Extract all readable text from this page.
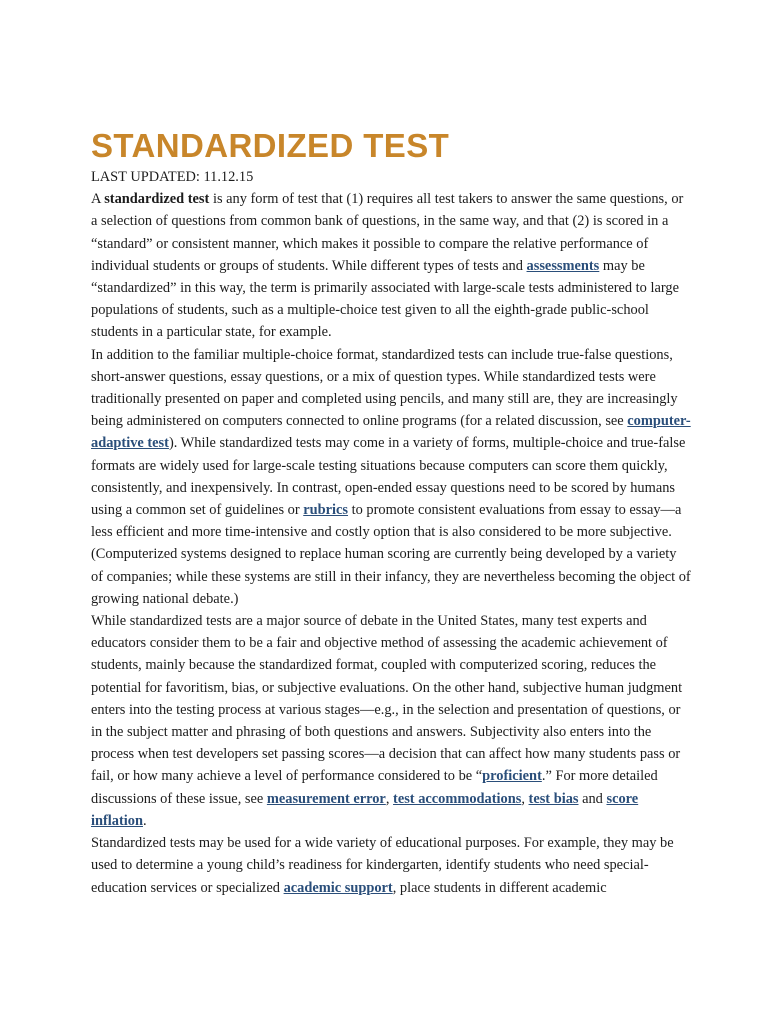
STANDARDIZED TEST

LAST UPDATED: 11.12.15

A standardized test is any form of test that (1) requires all test takers to answer the same questions, or a selection of questions from common bank of questions, in the same way, and that (2) is scored in a “standard” or consistent manner, which makes it possible to compare the relative performance of individual students or groups of students. While different types of tests and assessments may be “standardized” in this way, the term is primarily associated with large-scale tests administered to large populations of students, such as a multiple-choice test given to all the eighth-grade public-school students in a particular state, for example.

In addition to the familiar multiple-choice format, standardized tests can include true-false questions, short-answer questions, essay questions, or a mix of question types. While standardized tests were traditionally presented on paper and completed using pencils, and many still are, they are increasingly being administered on computers connected to online programs (for a related discussion, see computer-adaptive test). While standardized tests may come in a variety of forms, multiple-choice and true-false formats are widely used for large-scale testing situations because computers can score them quickly, consistently, and inexpensively. In contrast, open-ended essay questions need to be scored by humans using a common set of guidelines or rubrics to promote consistent evaluations from essay to essay—a less efficient and more time-intensive and costly option that is also considered to be more subjective. (Computerized systems designed to replace human scoring are currently being developed by a variety of companies; while these systems are still in their infancy, they are nevertheless becoming the object of growing national debate.)

While standardized tests are a major source of debate in the United States, many test experts and educators consider them to be a fair and objective method of assessing the academic achievement of students, mainly because the standardized format, coupled with computerized scoring, reduces the potential for favoritism, bias, or subjective evaluations. On the other hand, subjective human judgment enters into the testing process at various stages—e.g., in the selection and presentation of questions, or in the subject matter and phrasing of both questions and answers. Subjectivity also enters into the process when test developers set passing scores—a decision that can affect how many students pass or fail, or how many achieve a level of performance considered to be “proficient.” For more detailed discussions of these issue, see measurement error, test accommodations, test bias and score inflation.

Standardized tests may be used for a wide variety of educational purposes. For example, they may be used to determine a young child’s readiness for kindergarten, identify students who need special-education services or specialized academic support, place students in different academic
